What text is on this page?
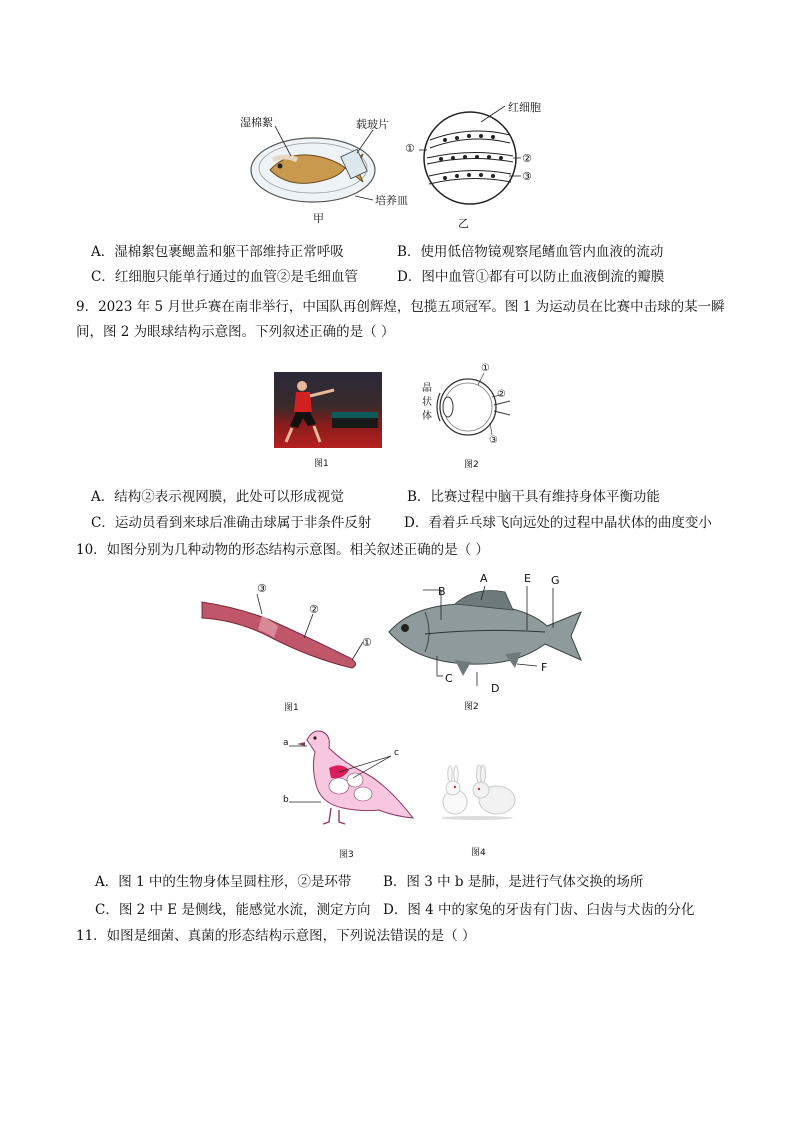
湿棉絮	载玻片
培养皿
甲
红细胞
①
②
③
乙
A．湿棉絮包裹鳃盖和躯干部维持正常呼吸	B．使用低倍物镜观察尾鳍血管内血液的流动
C．红细胞只能单行通过的血管②是毛细血管	D．图中血管①都有可以防止血液倒流的瓣膜
9．2023 年 5 月世乒赛在南非举行，中国队再创辉煌，包揽五项冠军。图 1 为运动员在比赛中击球的某一瞬
间，图 2 为眼球结构示意图。下列叙述正确的是（ ）
图1
晶状体
①
②
③
图2
A．结构②表示视网膜，此处可以形成视觉	B．比赛过程中脑干具有维持身体平衡功能
C．运动员看到来球后准确击球属于非条件反射 D．看着乒乓球飞向远处的过程中晶状体的曲度变小
10．如图分别为几种动物的形态结构示意图。相关叙述正确的是（ ）
③
②
①
图1
A
B
C
D
E
F
G
图2
a
b
c
图3	图4
A．图 1 中的生物身体呈圆柱形，②是环带 B．图 3 中 b 是肺，是进行气体交换的场所
C．图 2 中 E 是侧线，能感觉水流，测定方向 D．图 4 中的家兔的牙齿有门齿、臼齿与犬齿的分化
11．如图是细菌、真菌的形态结构示意图，下列说法错误的是（ ）
